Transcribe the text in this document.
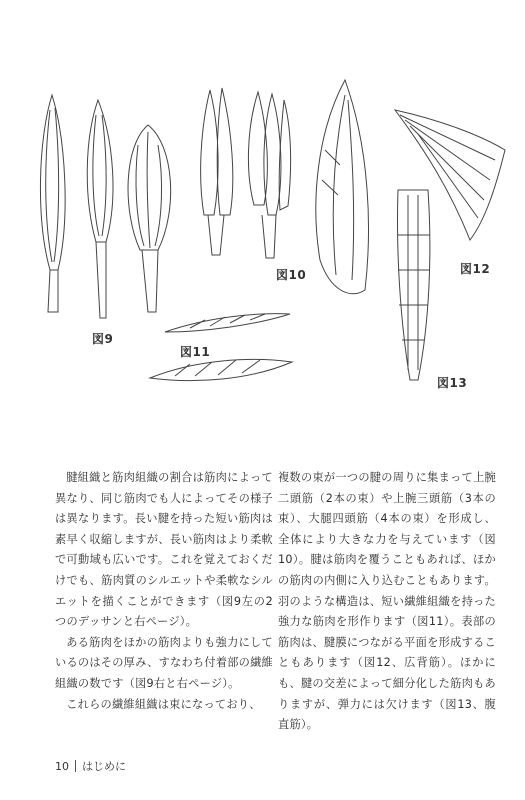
図9
図10
図11
図12
図13

腱組織と筋肉組織の割合は筋肉によって異なり、同じ筋肉でも人によってその様子は異なります。長い腱を持った短い筋肉は素早く収縮しますが、長い筋肉はより柔軟で可動域も広いです。これを覚えておくだけでも、筋肉質のシルエットや柔軟なシルエットを描くことができます（図9左の2つのデッサンと右ページ）。

ある筋肉をほかの筋肉よりも強力にしているのはその厚み、すなわち付着部の繊維組織の数です（図9右と右ページ）。

これらの繊維組織は束になっており、

複数の束が一つの腱の周りに集まって上腕二頭筋（2本の束）や上腕三頭筋（3本の束）、大腿四頭筋（4本の束）を形成し、全体により大きな力を与えています（図10）。腱は筋肉を覆うこともあれば、ほかの筋肉の内側に入り込むこともあります。羽のような構造は、短い繊維組織を持った強力な筋肉を形作ります（図11）。表部の筋肉は、腱膜につながる平面を形成することもあります（図12、広背筋）。ほかにも、腱の交差によって細分化した筋肉もありますが、弾力には欠けます（図13、腹直筋）。

10 はじめに
